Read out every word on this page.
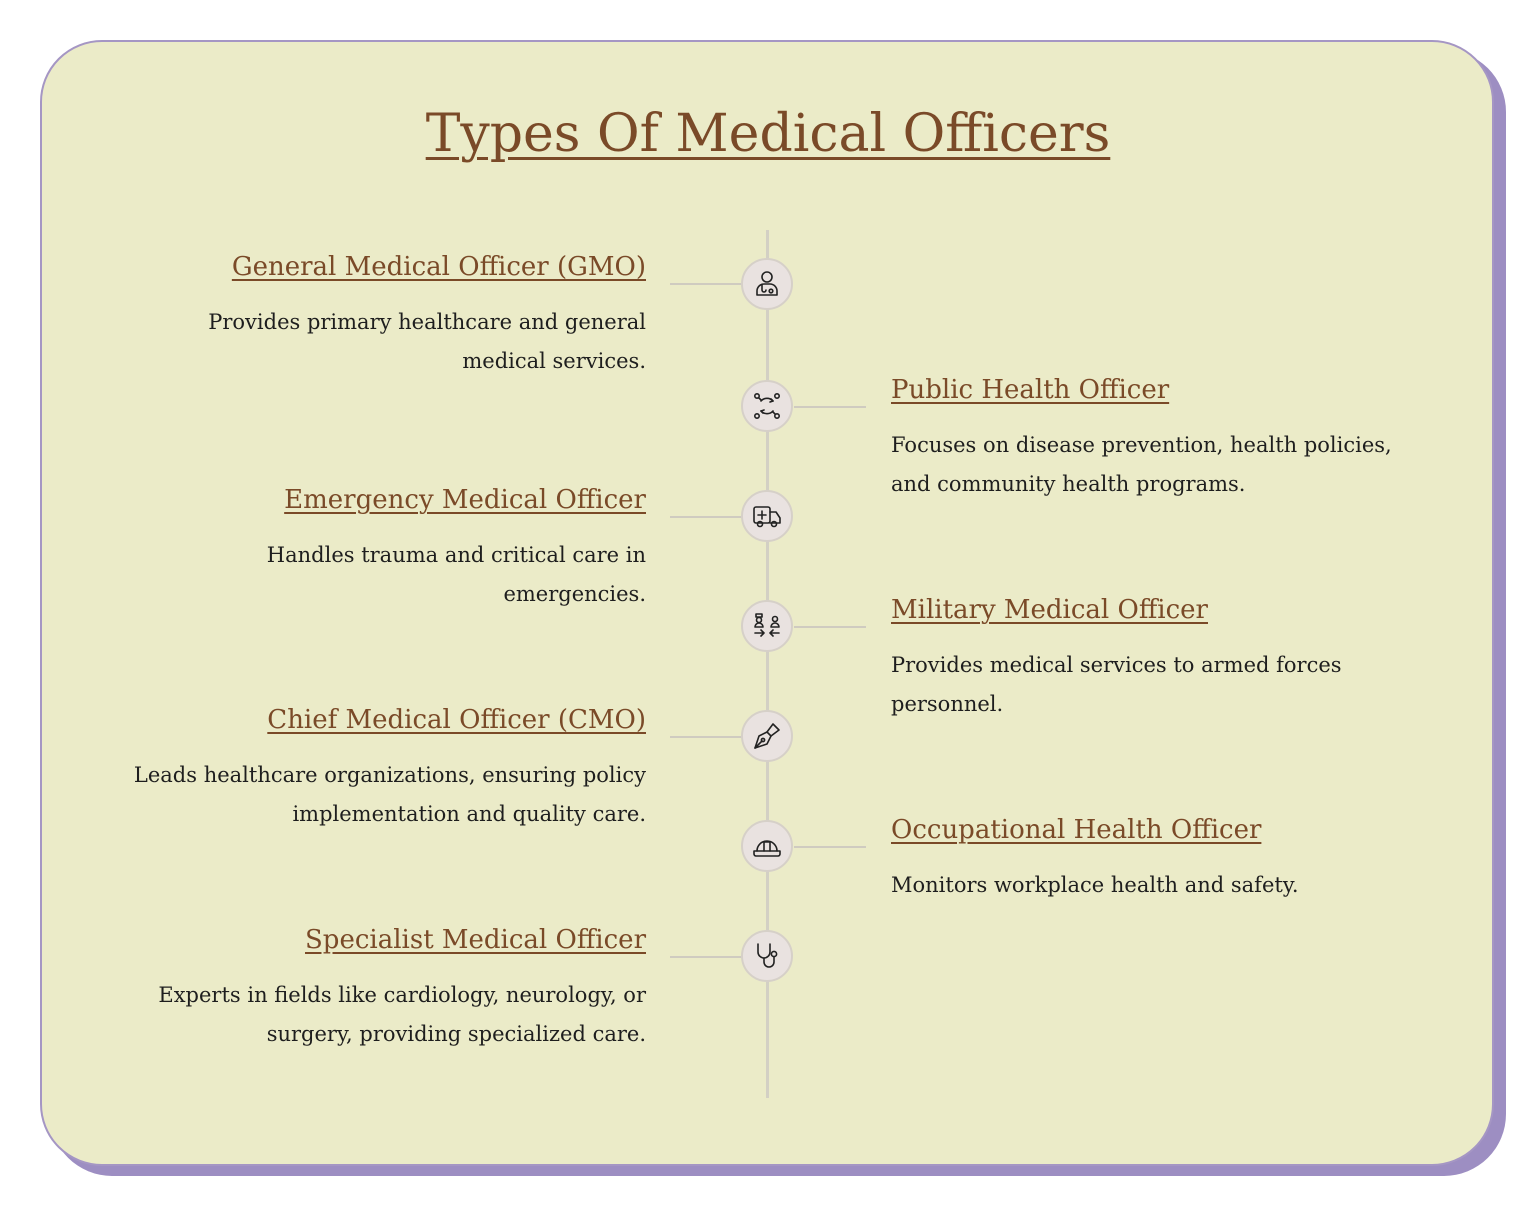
Types Of Medical Officers
General Medical Officer (GMO)

Provides primary healthcare and general medical services.

Public Health Officer

Focuses on disease prevention, health policies, and community health programs.

Emergency Medical Officer

Handles trauma and critical care in emergencies.

Military Medical Officer

Provides medical services to armed forces personnel.

Chief Medical Officer (CMO)

Leads healthcare organizations, ensuring policy implementation and quality care.

Occupational Health Officer

Monitors workplace health and safety.

Specialist Medical Officer

Experts in fields like cardiology, neurology, or surgery, providing specialized care.
